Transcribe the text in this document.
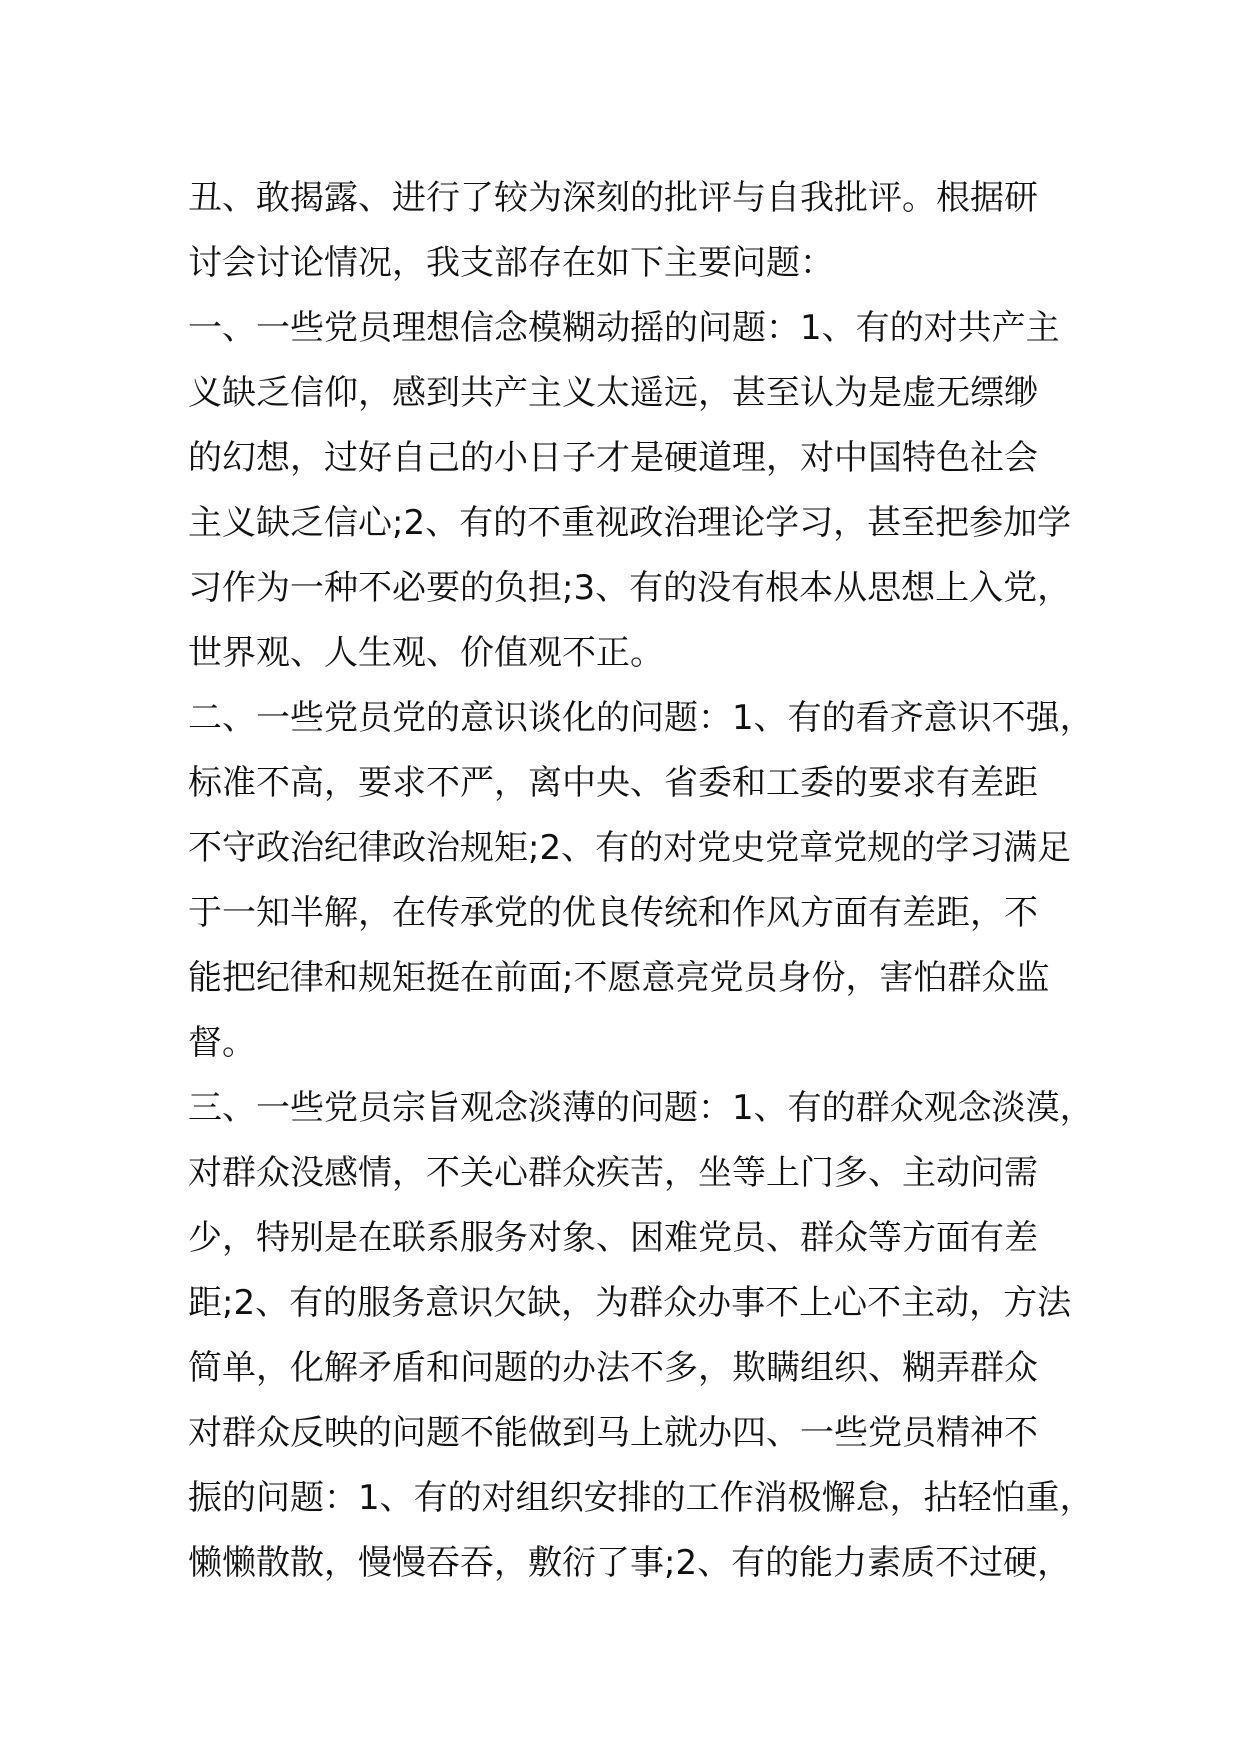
丑、敢揭露、进行了较为深刻的批评与自我批评。根据研
讨会讨论情况，我支部存在如下主要问题：
一、一些党员理想信念模糊动摇的问题：1、有的对共产主
义缺乏信仰，感到共产主义太遥远，甚至认为是虚无缥缈
的幻想，过好自己的小日子才是硬道理，对中国特色社会
主义缺乏信心;2、有的不重视政治理论学习，甚至把参加学
习作为一种不必要的负担;3、有的没有根本从思想上入党，
世界观、人生观、价值观不正。
二、一些党员党的意识谈化的问题：1、有的看齐意识不强，
标准不高，要求不严，离中央、省委和工委的要求有差距
不守政治纪律政治规矩;2、有的对党史党章党规的学习满足
于一知半解，在传承党的优良传统和作风方面有差距，不
能把纪律和规矩挺在前面;不愿意亮党员身份，害怕群众监
督。
三、一些党员宗旨观念淡薄的问题：1、有的群众观念淡漠，
对群众没感情，不关心群众疾苦，坐等上门多、主动问需
少，特别是在联系服务对象、困难党员、群众等方面有差
距;2、有的服务意识欠缺，为群众办事不上心不主动，方法
简单，化解矛盾和问题的办法不多，欺瞒组织、糊弄群众
对群众反映的问题不能做到马上就办四、一些党员精神不
振的问题：1、有的对组织安排的工作消极懈怠，拈轻怕重，
懒懒散散，慢慢吞吞，敷衍了事;2、有的能力素质不过硬，
